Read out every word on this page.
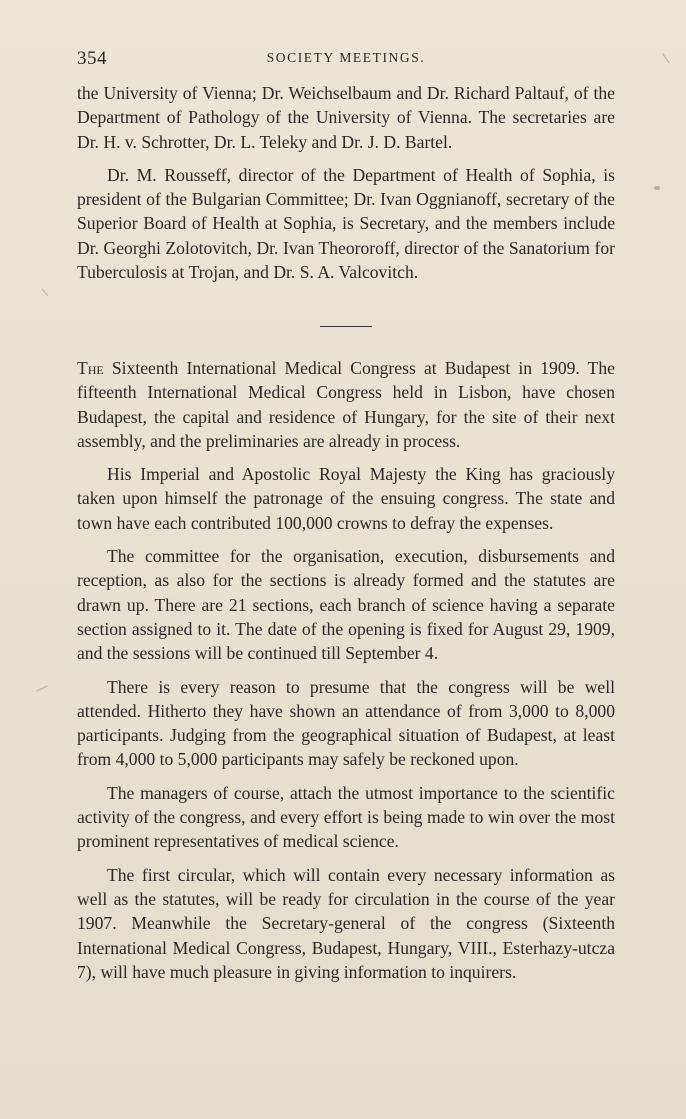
354	SOCIETY MEETINGS.

the University of Vienna; Dr. Weichselbaum and Dr. Richard Paltauf, of the Department of Pathology of the University of Vienna. The secretaries are Dr. H. v. Schrotter, Dr. L. Teleky and Dr. J. D. Bartel.

Dr. M. Rousseff, director of the Department of Health of Sophia, is president of the Bulgarian Committee; Dr. Ivan Oggnianoff, secretary of the Superior Board of Health at Sophia, is Secretary, and the members include Dr. Georghi Zolotovitch, Dr. Ivan Theororoff, director of the Sanatorium for Tuberculosis at Trojan, and Dr. S. A. Valcovitch.

The Sixteenth International Medical Congress at Budapest in 1909. The fifteenth International Medical Congress held in Lisbon, have chosen Budapest, the capital and residence of Hungary, for the site of their next assembly, and the preliminaries are already in process.

His Imperial and Apostolic Royal Majesty the King has graciously taken upon himself the patronage of the ensuing congress. The state and town have each contributed 100,000 crowns to defray the expenses.

The committee for the organisation, execution, disbursements and reception, as also for the sections is already formed and the statutes are drawn up. There are 21 sections, each branch of science having a separate section assigned to it. The date of the opening is fixed for August 29, 1909, and the sessions will be continued till September 4.

There is every reason to presume that the congress will be well attended. Hitherto they have shown an attendance of from 3,000 to 8,000 participants. Judging from the geographical situation of Budapest, at least from 4,000 to 5,000 participants may safely be reckoned upon.

The managers of course, attach the utmost importance to the scientific activity of the congress, and every effort is being made to win over the most prominent representatives of medical science.

The first circular, which will contain every necessary information as well as the statutes, will be ready for circulation in the course of the year 1907. Meanwhile the Secretary-general of the congress (Sixteenth International Medical Congress, Budapest, Hungary, VIII., Esterhazy-utcza 7), will have much pleasure in giving information to inquirers.
